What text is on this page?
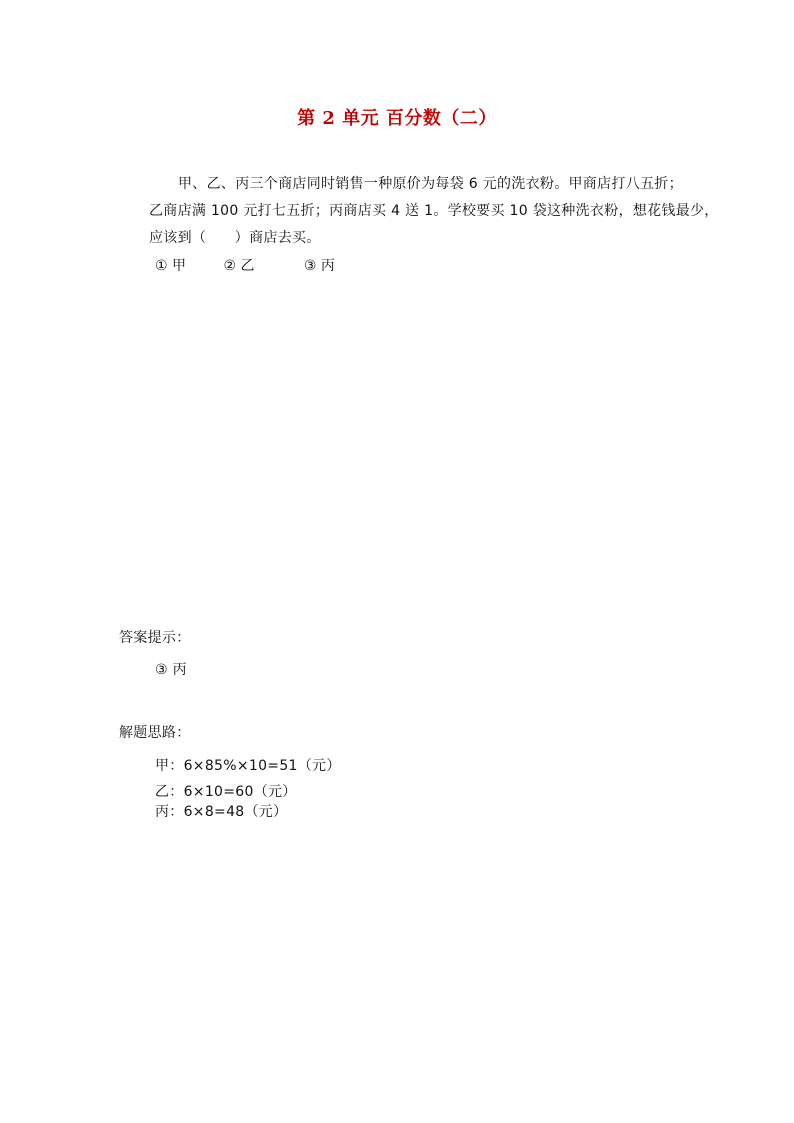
第 2 单元 百分数（二）
甲、乙、丙三个商店同时销售一种原价为每袋 6 元的洗衣粉。甲商店打八五折；
乙商店满 100 元打七五折；丙商店买 4 送 1。学校要买 10 袋这种洗衣粉，想花钱最少，
应该到（　　）商店去买。
① 甲	② 乙	③ 丙
答案提示：
③ 丙
解题思路：
甲：6×85%×10=51（元）
乙：6×10=60（元）
丙：6×8=48（元）
